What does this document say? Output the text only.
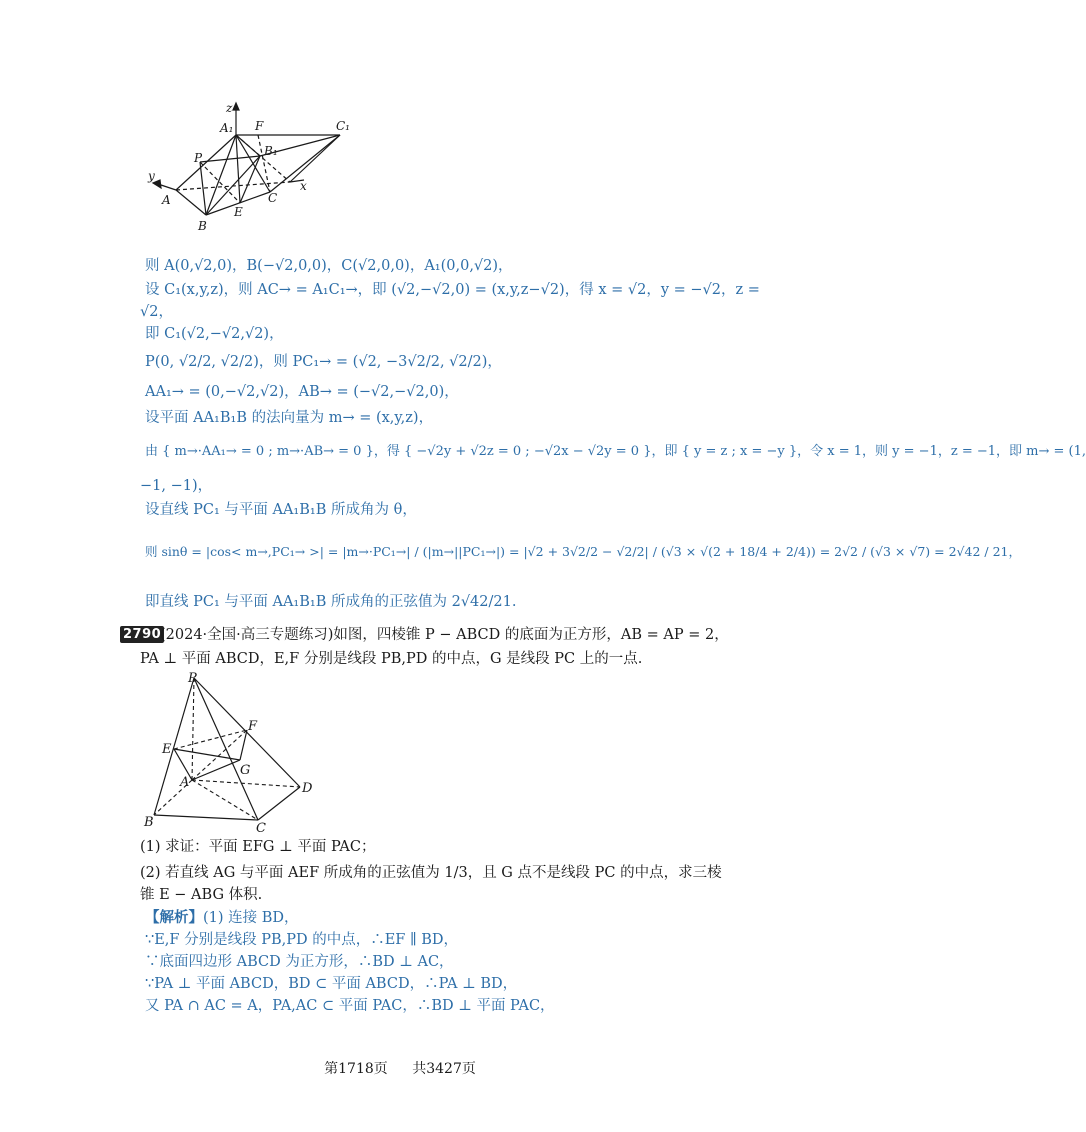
z
A₁ F	C₁
P	B₁
y
x
A
E
C
B
则 A(0,√2,0)，B(−√2,0,0)，C(√2,0,0)，A₁(0,0,√2)，
设 C₁(x,y,z)，则 AC→ = A₁C₁→，即 (√2,−√2,0) = (x,y,z−√2)，得 x = √2，y = −√2，z =
√2，
即 C₁(√2,−√2,√2)，
P(0, √2/2, √2/2)，则 PC₁→ = (√2, −3√2/2, √2/2)，
AA₁→ = (0,−√2,√2)，AB→ = (−√2,−√2,0)，
设平面 AA₁B₁B 的法向量为 m→ = (x,y,z)，
由 { m→·AA₁→ = 0 ; m→·AB→ = 0 }，得 { −√2y + √2z = 0 ; −√2x − √2y = 0 }，即 { y = z ; x = −y }，令 x = 1，则 y = −1，z = −1，即 m→ = (1,
−1, −1)，
设直线 PC₁ 与平面 AA₁B₁B 所成角为 θ，
则 sinθ = |cos< m→,PC₁→ >| = |m→·PC₁→| / (|m→||PC₁→|) = |√2 + 3√2/2 − √2/2| / (√3 × √(2 + 18/4 + 2/4)) = 2√2 / (√3 × √7) = 2√42 / 21，
即直线 PC₁ 与平面 AA₁B₁B 所成角的正弦值为 2√42/21.
2790
(2024·全国·高三专题练习)如图，四棱锥 P − ABCD 的底面为正方形，AB = AP = 2，
PA ⊥ 平面 ABCD，E,F 分别是线段 PB,PD 的中点，G 是线段 PC 上的一点.
P
F
E
G
A	D
B	C
(1) 求证：平面 EFG ⊥ 平面 PAC；
(2) 若直线 AG 与平面 AEF 所成角的正弦值为 1/3，且 G 点不是线段 PC 的中点，求三棱
锥 E − ABG 体积.
【解析】(1) 连接 BD，
∵E,F 分别是线段 PB,PD 的中点，∴EF ∥ BD，
∵底面四边形 ABCD 为正方形，∴BD ⊥ AC，
∵PA ⊥ 平面 ABCD，BD ⊂ 平面 ABCD，∴PA ⊥ BD，
又 PA ∩ AC = A，PA,AC ⊂ 平面 PAC，∴BD ⊥ 平面 PAC，
第1718页 共3427页
